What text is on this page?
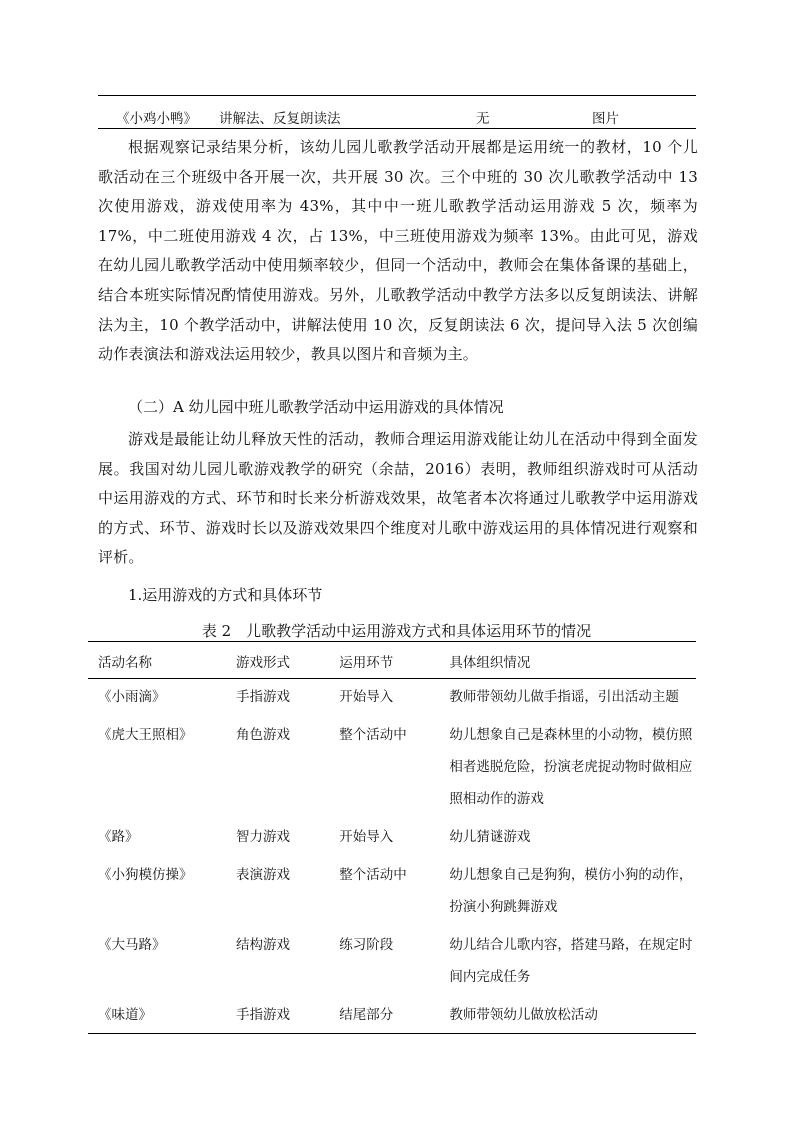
《小鸡小鸭》 讲解法、反复朗读法	无	图片

根据观察记录结果分析，该幼儿园儿歌教学活动开展都是运用统一的教材，10 个儿歌活动在三个班级中各开展一次，共开展 30 次。三个中班的 30 次儿歌教学活动中 13 次使用游戏，游戏使用率为 43%，其中中一班儿歌教学活动运用游戏 5 次，频率为 17%，中二班使用游戏 4 次，占 13%，中三班使用游戏为频率 13%。由此可见，游戏在幼儿园儿歌教学活动中使用频率较少，但同一个活动中，教师会在集体备课的基础上，结合本班实际情况酌情使用游戏。另外，儿歌教学活动中教学方法多以反复朗读法、讲解法为主，10 个教学活动中，讲解法使用 10 次，反复朗读法 6 次，提问导入法 5 次创编动作表演法和游戏法运用较少，教具以图片和音频为主。

（二）A 幼儿园中班儿歌教学活动中运用游戏的具体情况

游戏是最能让幼儿释放天性的活动，教师合理运用游戏能让幼儿在活动中得到全面发展。我国对幼儿园儿歌游戏教学的研究（余喆，2016）表明，教师组织游戏时可从活动中运用游戏的方式、环节和时长来分析游戏效果，故笔者本次将通过儿歌教学中运用游戏的方式、环节、游戏时长以及游戏效果四个维度对儿歌中游戏运用的具体情况进行观察和评析。

1.运用游戏的方式和具体环节

表 2　儿歌教学活动中运用游戏方式和具体运用环节的情况

活动名称	游戏形式	运用环节	具体组织情况

《小雨滴》	手指游戏	开始导入	教师带领幼儿做手指谣，引出活动主题

《虎大王照相》	角色游戏	整个活动中	幼儿想象自己是森林里的小动物，模仿照相者逃脱危险，扮演老虎捉动物时做相应照相动作的游戏

《路》	智力游戏	开始导入	幼儿猜谜游戏

《小狗模仿操》	表演游戏	整个活动中	幼儿想象自己是狗狗，模仿小狗的动作，扮演小狗跳舞游戏

《大马路》	结构游戏	练习阶段	幼儿结合儿歌内容，搭建马路，在规定时间内完成任务

《味道》	手指游戏	结尾部分	教师带领幼儿做放松活动
